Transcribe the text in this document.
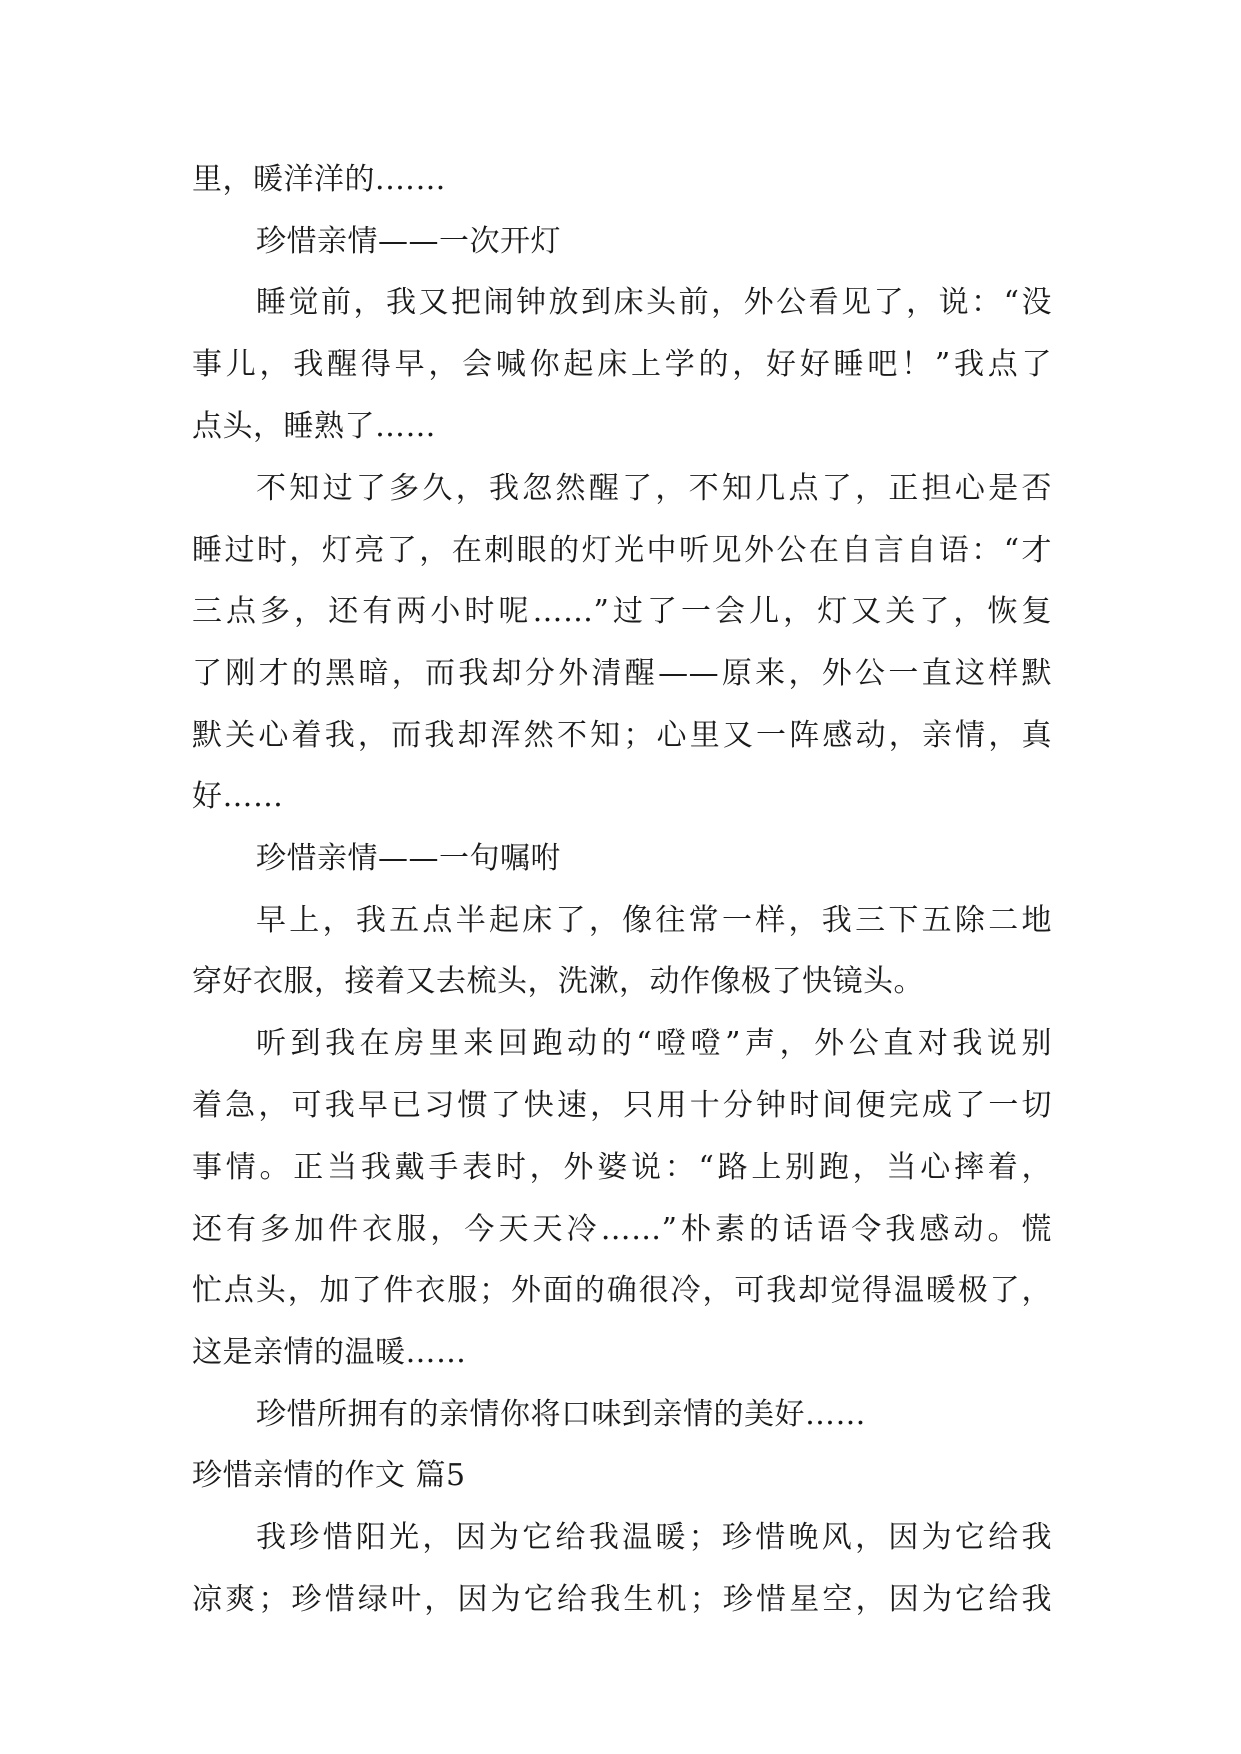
里，暖洋洋的.……
珍惜亲情——一次开灯
睡觉前，我又把闹钟放到床头前，外公看见了，说：“没
事儿，我醒得早，会喊你起床上学的，好好睡吧！”我点了
点头，睡熟了……
不知过了多久，我忽然醒了，不知几点了，正担心是否
睡过时，灯亮了，在刺眼的灯光中听见外公在自言自语：“才
三点多，还有两小时呢……”过了一会儿，灯又关了，恢复
了刚才的黑暗，而我却分外清醒——原来，外公一直这样默
默关心着我，而我却浑然不知；心里又一阵感动，亲情，真
好……
珍惜亲情——一句嘱咐
早上，我五点半起床了，像往常一样，我三下五除二地
穿好衣服，接着又去梳头，洗漱，动作像极了快镜头。
听到我在房里来回跑动的“噔噔”声，外公直对我说别
着急，可我早已习惯了快速，只用十分钟时间便完成了一切
事情。正当我戴手表时，外婆说：“路上别跑，当心摔着，
还有多加件衣服，今天天冷……”朴素的话语令我感动。慌
忙点头，加了件衣服；外面的确很冷，可我却觉得温暖极了，
这是亲情的温暖……
珍惜所拥有的亲情你将口味到亲情的美好……
珍惜亲情的作文 篇5
我珍惜阳光，因为它给我温暖；珍惜晚风，因为它给我
凉爽；珍惜绿叶，因为它给我生机；珍惜星空，因为它给我
